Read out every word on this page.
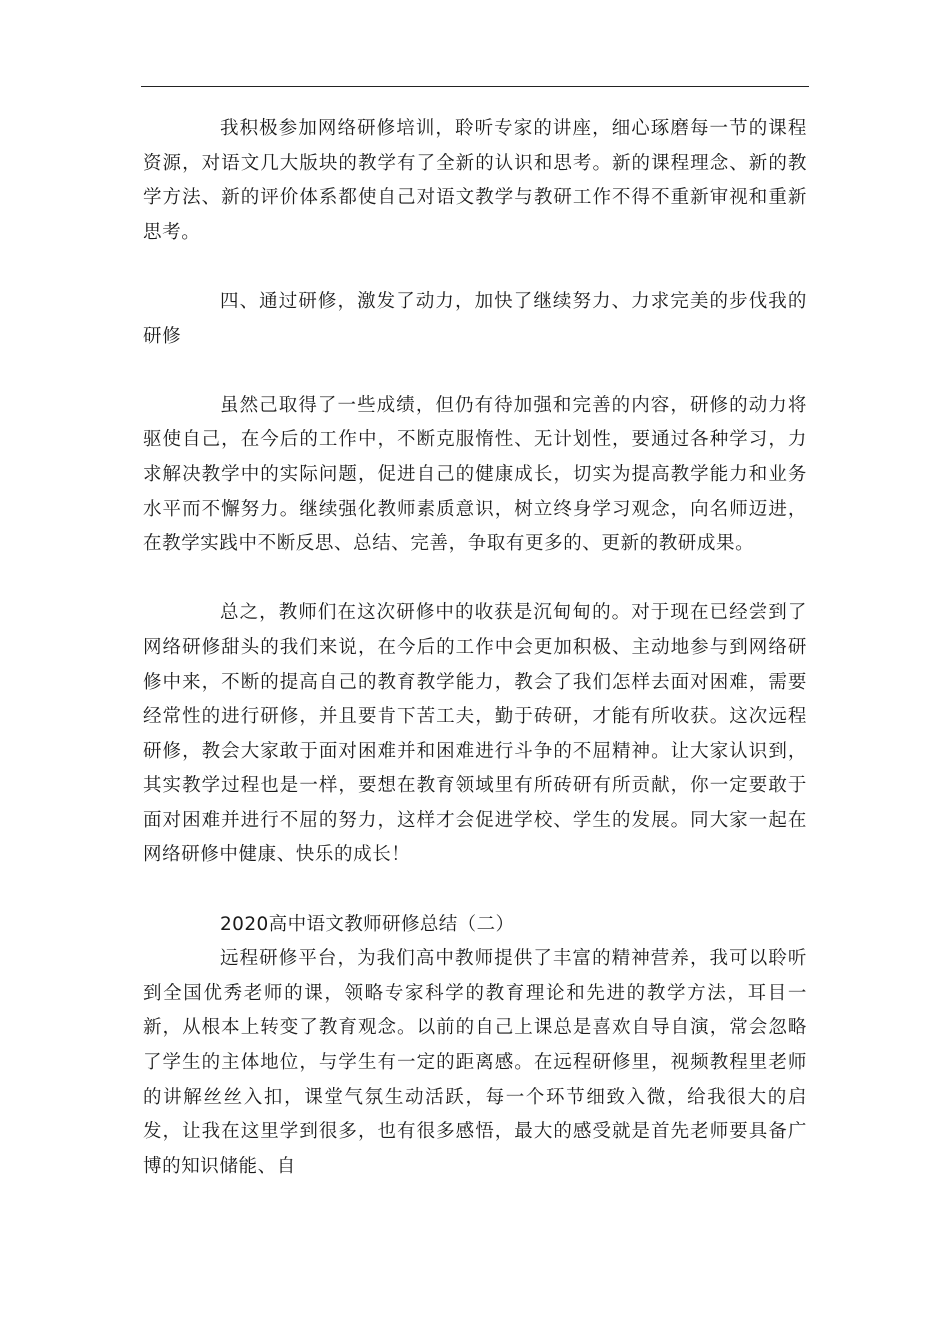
我积极参加网络研修培训，聆听专家的讲座，细心琢磨每一节的课程资源，对语文几大版块的教学有了全新的认识和思考。新的课程理念、新的教学方法、新的评价体系都使自己对语文教学与教研工作不得不重新审视和重新思考。

四、通过研修，激发了动力，加快了继续努力、力求完美的步伐我的研修

虽然己取得了一些成绩，但仍有待加强和完善的内容，研修的动力将驱使自己，在今后的工作中，不断克服惰性、无计划性，要通过各种学习，力求解决教学中的实际问题，促进自己的健康成长，切实为提高教学能力和业务水平而不懈努力。继续强化教师素质意识，树立终身学习观念，向名师迈进，在教学实践中不断反思、总结、完善，争取有更多的、更新的教研成果。

总之，教师们在这次研修中的收获是沉甸甸的。对于现在已经尝到了网络研修甜头的我们来说，在今后的工作中会更加积极、主动地参与到网络研修中来，不断的提高自己的教育教学能力，教会了我们怎样去面对困难，需要经常性的进行研修，并且要肯下苦工夫，勤于砖研，才能有所收获。这次远程研修，教会大家敢于面对困难并和困难进行斗争的不屈精神。让大家认识到，其实教学过程也是一样，要想在教育领域里有所砖研有所贡献，你一定要敢于面对困难并进行不屈的努力，这样才会促进学校、学生的发展。同大家一起在网络研修中健康、快乐的成长！

2020高中语文教师研修总结（二）

远程研修平台，为我们高中教师提供了丰富的精神营养，我可以聆听到全国优秀老师的课，领略专家科学的教育理论和先进的教学方法，耳目一新，从根本上转变了教育观念。以前的自己上课总是喜欢自导自演，常会忽略了学生的主体地位，与学生有一定的距离感。在远程研修里，视频教程里老师的讲解丝丝入扣，课堂气氛生动活跃，每一个环节细致入微，给我很大的启发，让我在这里学到很多，也有很多感悟，最大的感受就是首先老师要具备广博的知识储能、自
